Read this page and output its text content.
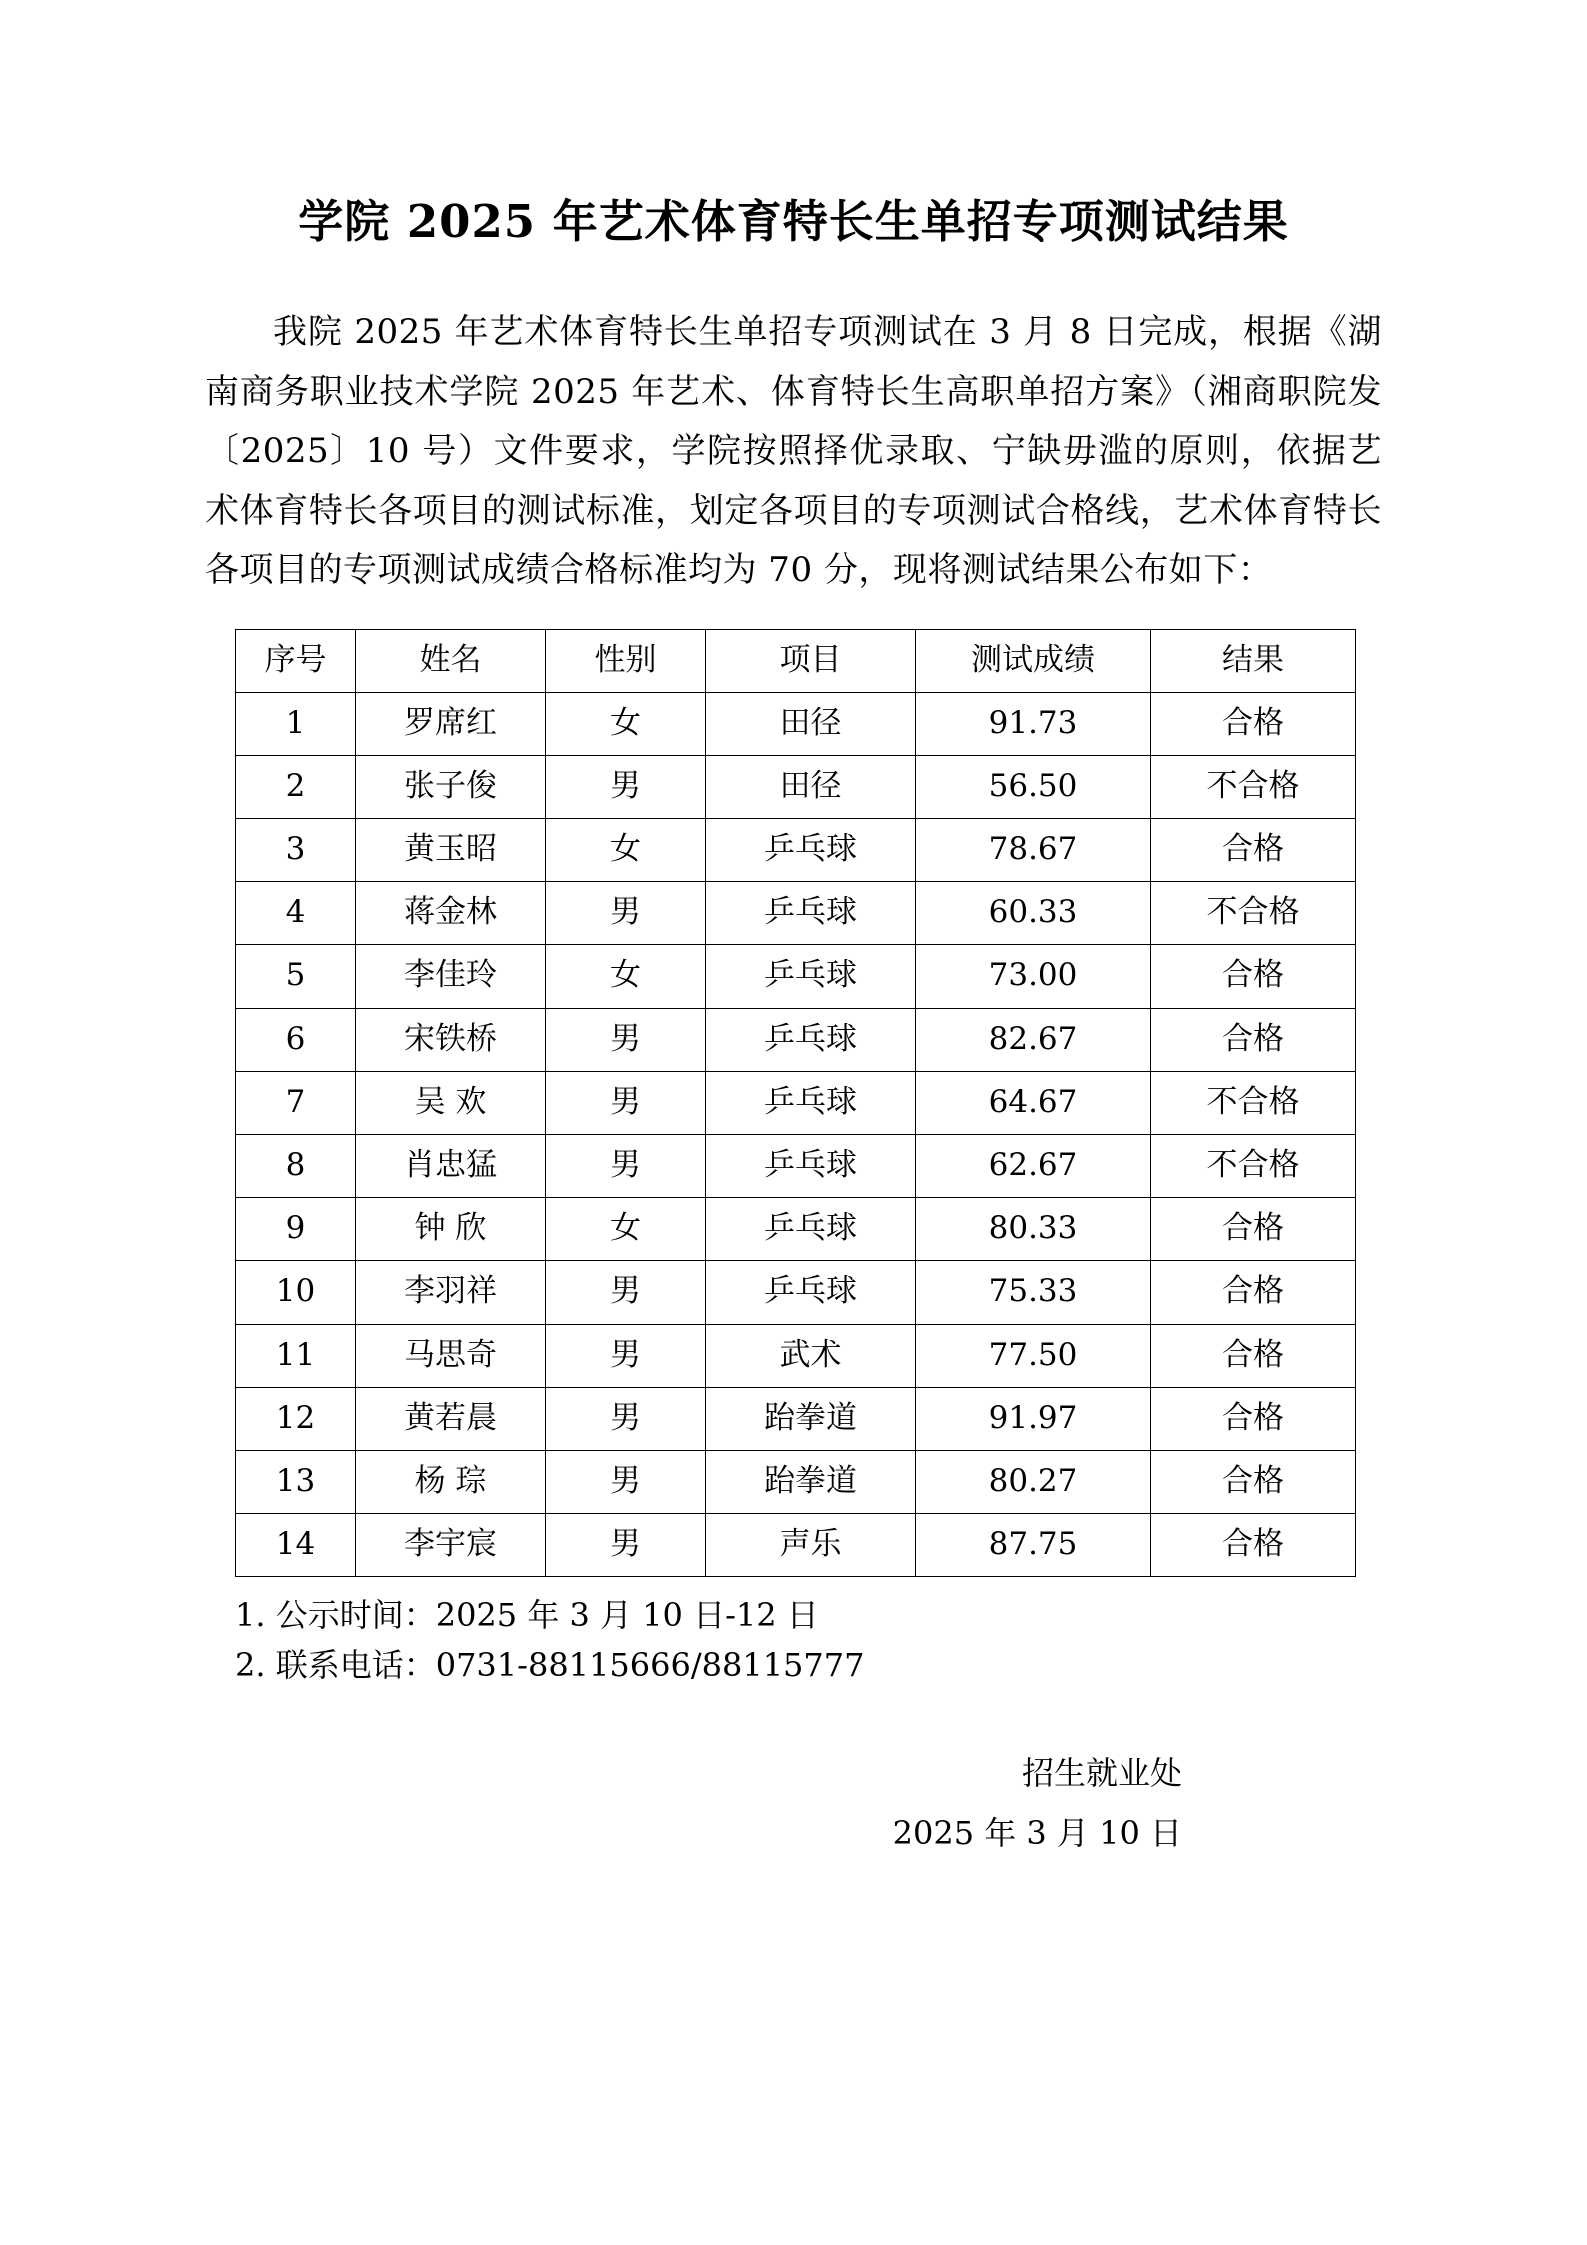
学院 2025 年艺术体育特长生单招专项测试结果

我院 2025 年艺术体育特长生单招专项测试在 3 月 8 日完成，根据《湖南商务职业技术学院 2025 年艺术、体育特长生高职单招方案》（湘商职院发〔2025〕10 号）文件要求，学院按照择优录取、宁缺毋滥的原则，依据艺术体育特长各项目的测试标准，划定各项目的专项测试合格线，艺术体育特长各项目的专项测试成绩合格标准均为 70 分，现将测试结果公布如下：

序号	姓名	性别	项目	测试成绩	结果
1	罗席红	女	田径	91.73	合格
2	张子俊	男	田径	56.50	不合格
3	黄玉昭	女	乒乓球	78.67	合格
4	蒋金林	男	乒乓球	60.33	不合格
5	李佳玲	女	乒乓球	73.00	合格
6	宋铁桥	男	乒乓球	82.67	合格
7	吴 欢	男	乒乓球	64.67	不合格
8	肖忠猛	男	乒乓球	62.67	不合格
9	钟 欣	女	乒乓球	80.33	合格
10	李羽祥	男	乒乓球	75.33	合格
11	马思奇	男	武术	77.50	合格
12	黄若晨	男	跆拳道	91.97	合格
13	杨 琮	男	跆拳道	80.27	合格
14	李宇宸	男	声乐	87.75	合格
1. 公示时间：2025 年 3 月 10 日-12 日
2. 联系电话：0731-88115666/88115777
招生就业处
2025 年 3 月 10 日
